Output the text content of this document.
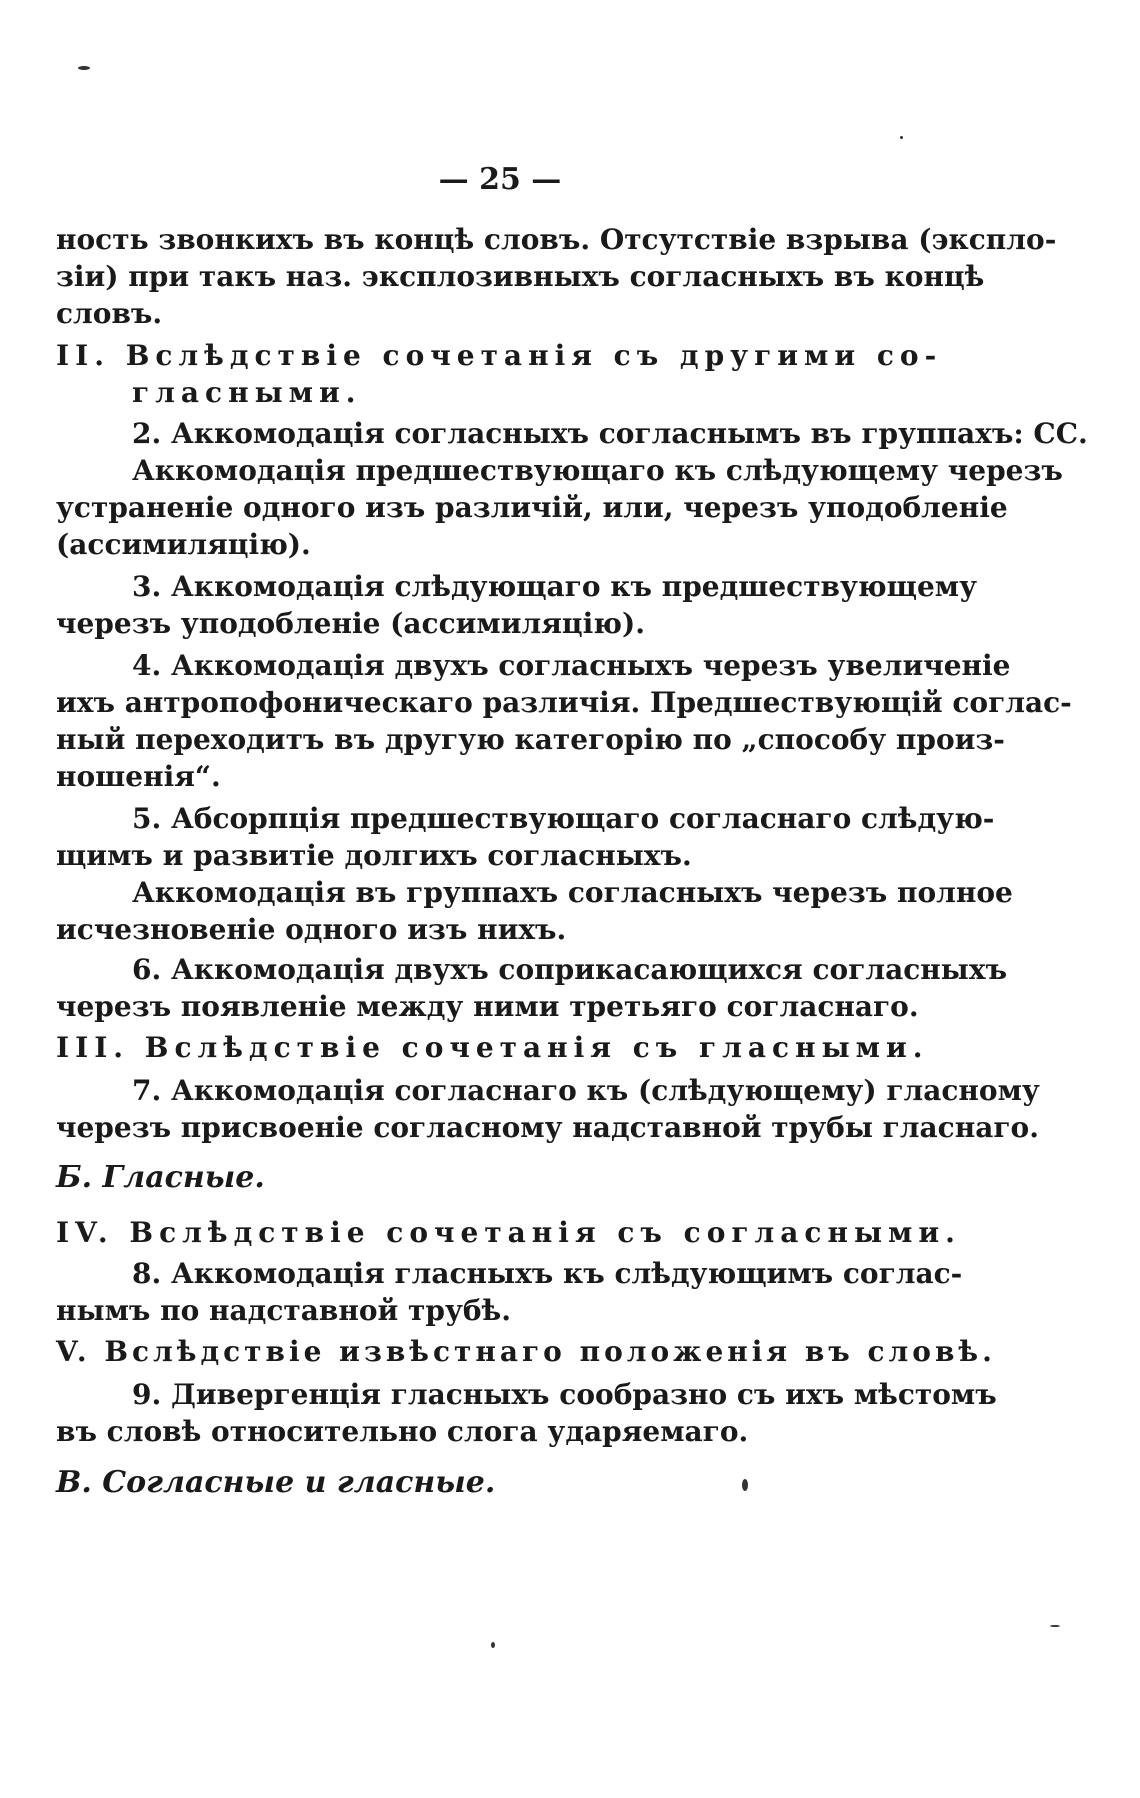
— 25 —
ность звонкихъ въ концѣ словъ. Отсутствіе взрыва (эксплo-
зіи) при такъ наз. эксплозивныхъ согласныхъ въ концѣ
словъ.
II. Вслѣдствіе сочетанія съ другими со-
гласными.
2. Аккомодація согласныхъ согласнымъ въ группахъ: СС.
Аккомодація предшествующаго къ слѣдующему черезъ
устраненіе одного изъ различій, или, черезъ уподобленіе
(ассимиляцію).
3. Аккомодація слѣдующаго къ предшествующему
черезъ уподобленіе (ассимиляцію).
4. Аккомодація двухъ согласныхъ черезъ увеличеніе
ихъ антропофоническаго различія. Предшествующій соглас-
ный переходитъ въ другую категорію по „способу произ-
ношенія“.
5. Абсорпція предшествующаго согласнаго слѣдую-
щимъ и развитіе долгихъ согласныхъ.
Аккомодація въ группахъ согласныхъ черезъ полное
исчезновеніе одного изъ нихъ.
6. Аккомодація двухъ соприкасающихся согласныхъ
черезъ появленіе между ними третьяго согласнаго.
III. Вслѣдствіе сочетанія съ гласными.
7. Аккомодація согласнаго къ (слѣдующему) гласному
черезъ присвоеніе согласному надставной трубы гласнаго.
Б. Гласные.
IV. Вслѣдствіе сочетанія съ согласными.
8. Аккомодація гласныхъ къ слѣдующимъ соглас-
нымъ по надставной трубѣ.
V. Вслѣдствіе извѣстнаго положенія въ словѣ.
9. Дивергенція гласныхъ сообразно съ ихъ мѣстомъ
въ словѣ относительно слога ударяемаго.
В. Согласные и гласные.
